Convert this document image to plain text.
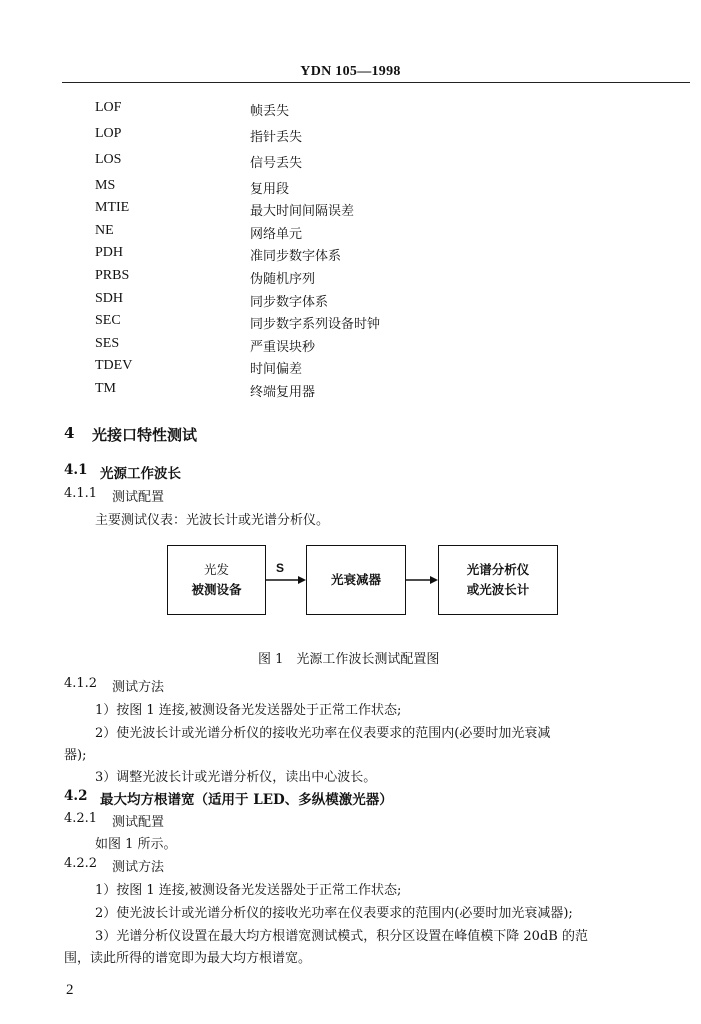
YDN 105—1998
LOF	帧丢失
LOP	指针丢失
LOS	信号丢失
MS	复用段
MTIE	最大时间间隔误差
NE	网络单元
PDH	准同步数字体系
PRBS	伪随机序列
SDH	同步数字体系
SEC	同步数字系列设备时钟
SES	严重误块秒
TDEV	时间偏差
TM	终端复用器
4 光接口特性测试
4.1 光源工作波长
4.1.1 测试配置
主要测试仪表：光波长计或光谱分析仪。
光发
被测设备
S
光衰减器
光谱分析仪
或光波长计
图 1　光源工作波长测试配置图
4.1.2 测试方法
1）按图 1 连接,被测设备光发送器处于正常工作状态;
2）使光波长计或光谱分析仪的接收光功率在仪表要求的范围内(必要时加光衰减
器);
3）调整光波长计或光谱分析仪，读出中心波长。
4.2 最大均方根谱宽（适用于 LED、多纵模激光器）
4.2.1 测试配置
如图 1 所示。
4.2.2 测试方法
1）按图 1 连接,被测设备光发送器处于正常工作状态;
2）使光波长计或光谱分析仪的接收光功率在仪表要求的范围内(必要时加光衰减器);
3）光谱分析仪设置在最大均方根谱宽测试模式，积分区设置在峰值模下降 20dB 的范
围，读此所得的谱宽即为最大均方根谱宽。
2
